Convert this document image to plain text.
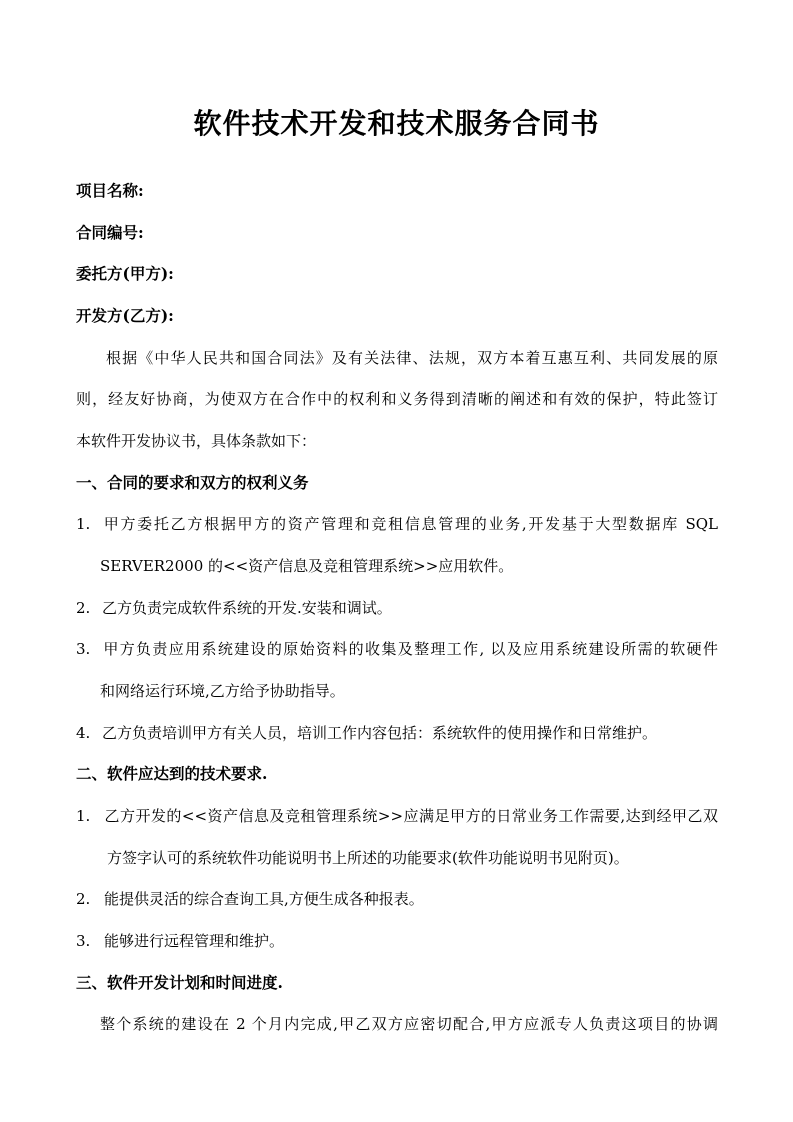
软件技术开发和技术服务合同书
项目名称:
合同编号:
委托方(甲方):
开发方(乙方):
根据《中华人民共和国合同法》及有关法律、法规，双方本着互惠互利、共同发展的原
则，经友好协商，为使双方在合作中的权利和义务得到清晰的阐述和有效的保护，特此签订
本软件开发协议书，具体条款如下：
一、合同的要求和双方的权利义务
1. 甲方委托乙方根据甲方的资产管理和竞租信息管理的业务,开发基于大型数据库 SQL
SERVER2000 的<<资产信息及竞租管理系统>>应用软件。
2. 乙方负责完成软件系统的开发.安装和调试。
3. 甲方负责应用系统建设的原始资料的收集及整理工作, 以及应用系统建设所需的软硬件
和网络运行环境,乙方给予协助指导。
4. 乙方负责培训甲方有关人员，培训工作内容包括：系统软件的使用操作和日常维护。
二、软件应达到的技术要求.
1. 乙方开发的<<资产信息及竞租管理系统>>应满足甲方的日常业务工作需要,达到经甲乙双
方签字认可的系统软件功能说明书上所述的功能要求(软件功能说明书见附页)。
2. 能提供灵活的综合查询工具,方便生成各种报表。
3. 能够进行远程管理和维护。
三、软件开发计划和时间进度.
整个系统的建设在 2 个月内完成,甲乙双方应密切配合,甲方应派专人负责这项目的协调
